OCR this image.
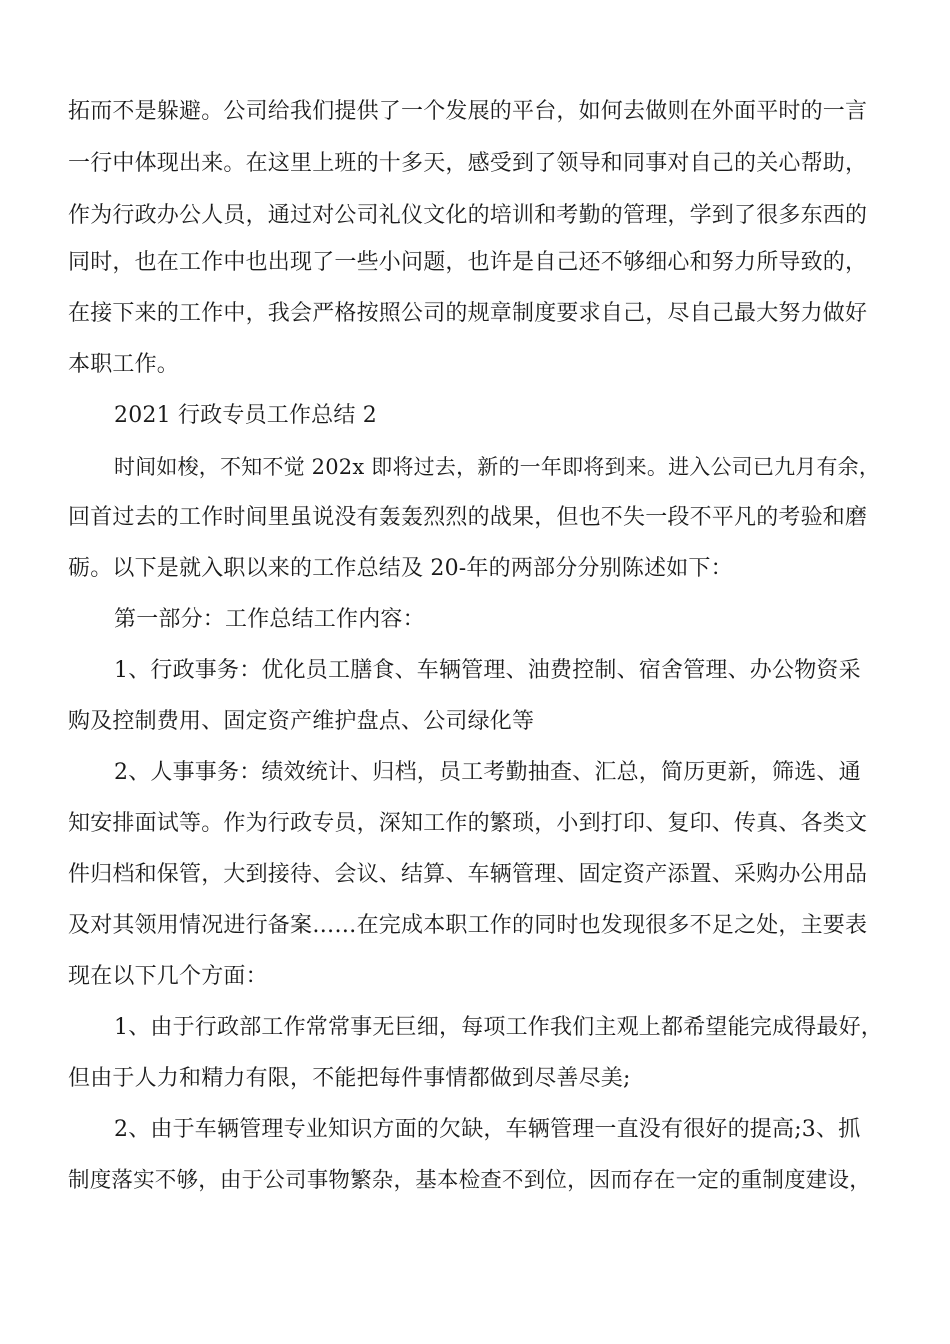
拓而不是躲避。公司给我们提供了一个发展的平台，如何去做则在外面平时的一言
一行中体现出来。在这里上班的十多天，感受到了领导和同事对自己的关心帮助，
作为行政办公人员，通过对公司礼仪文化的培训和考勤的管理，学到了很多东西的
同时，也在工作中也出现了一些小问题，也许是自己还不够细心和努力所导致的，
在接下来的工作中，我会严格按照公司的规章制度要求自己，尽自己最大努力做好
本职工作。
2021 行政专员工作总结 2
时间如梭，不知不觉 202x 即将过去，新的一年即将到来。进入公司已九月有余，
回首过去的工作时间里虽说没有轰轰烈烈的战果，但也不失一段不平凡的考验和磨
砺。以下是就入职以来的工作总结及 20-年的两部分分别陈述如下：
第一部分：工作总结工作内容：
1、行政事务：优化员工膳食、车辆管理、油费控制、宿舍管理、办公物资采
购及控制费用、固定资产维护盘点、公司绿化等
2、人事事务：绩效统计、归档，员工考勤抽查、汇总，简历更新，筛选、通
知安排面试等。作为行政专员，深知工作的繁琐，小到打印、复印、传真、各类文
件归档和保管，大到接待、会议、结算、车辆管理、固定资产添置、采购办公用品
及对其领用情况进行备案……在完成本职工作的同时也发现很多不足之处，主要表
现在以下几个方面：
1、由于行政部工作常常事无巨细，每项工作我们主观上都希望能完成得最好，
但由于人力和精力有限，不能把每件事情都做到尽善尽美;
2、由于车辆管理专业知识方面的欠缺，车辆管理一直没有很好的提高;3、抓
制度落实不够，由于公司事物繁杂，基本检查不到位，因而存在一定的重制度建设，
